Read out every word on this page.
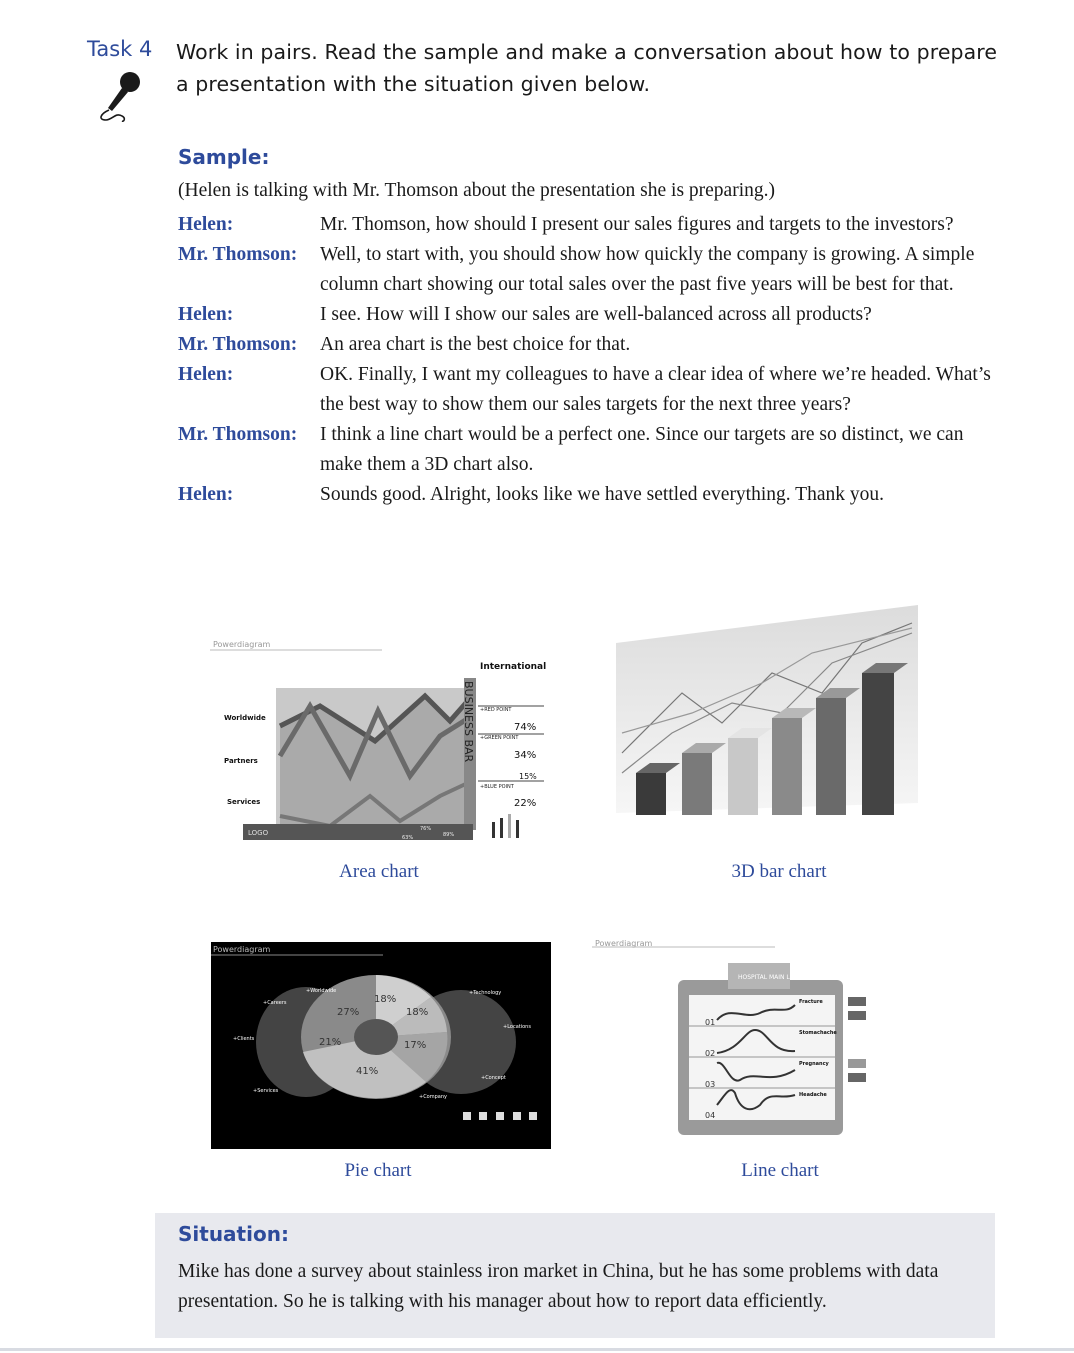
Task 4 Work in pairs. Read the sample and make a conversation about how to prepare a presentation with the situation given below.
Sample:
(Helen is talking with Mr. Thomson about the presentation she is preparing.)
Helen:	Mr. Thomson, how should I present our sales figures and targets to the investors?
Mr. Thomson:	Well, to start with, you should show how quickly the company is growing. A simple column chart showing our total sales over the past five years will be best for that.
Helen:	I see. How will I show our sales are well-balanced across all products?
Mr. Thomson:	An area chart is the best choice for that.
Helen:	OK. Finally, I want my colleagues to have a clear idea of where we’re headed. What’s the best way to show them our sales targets for the next three years?
Mr. Thomson:	I think a line chart would be a perfect one. Since our targets are so distinct, we can make them a 3D chart also.
Helen:	Sounds good. Alright, looks like we have settled everything. Thank you.
Powerdiagram
BUSINESS BAR
International
+RED POINT
+GREEN POINT
+BLUE POINT
74%
34%
15%
22%
Worldwide
Partners
Services
LOGO	76%
89%
63%
Area chart	3D bar chart
Powerdiagram
18%
18%
27%
21%	17%
41%
+Worldwide
+Careers
+Clients
+Services
+Technology
+Locations
+Concept
+Company
Pie chart
Powerdiagram
HOSPITAL MAIN LIST
Fracture
Stomachache
Pregnancy
Headache
01
02
03
04
Line chart
Situation:
Mike has done a survey about stainless iron market in China, but he has some problems with data presentation. So he is talking with his manager about how to report data efficiently.
